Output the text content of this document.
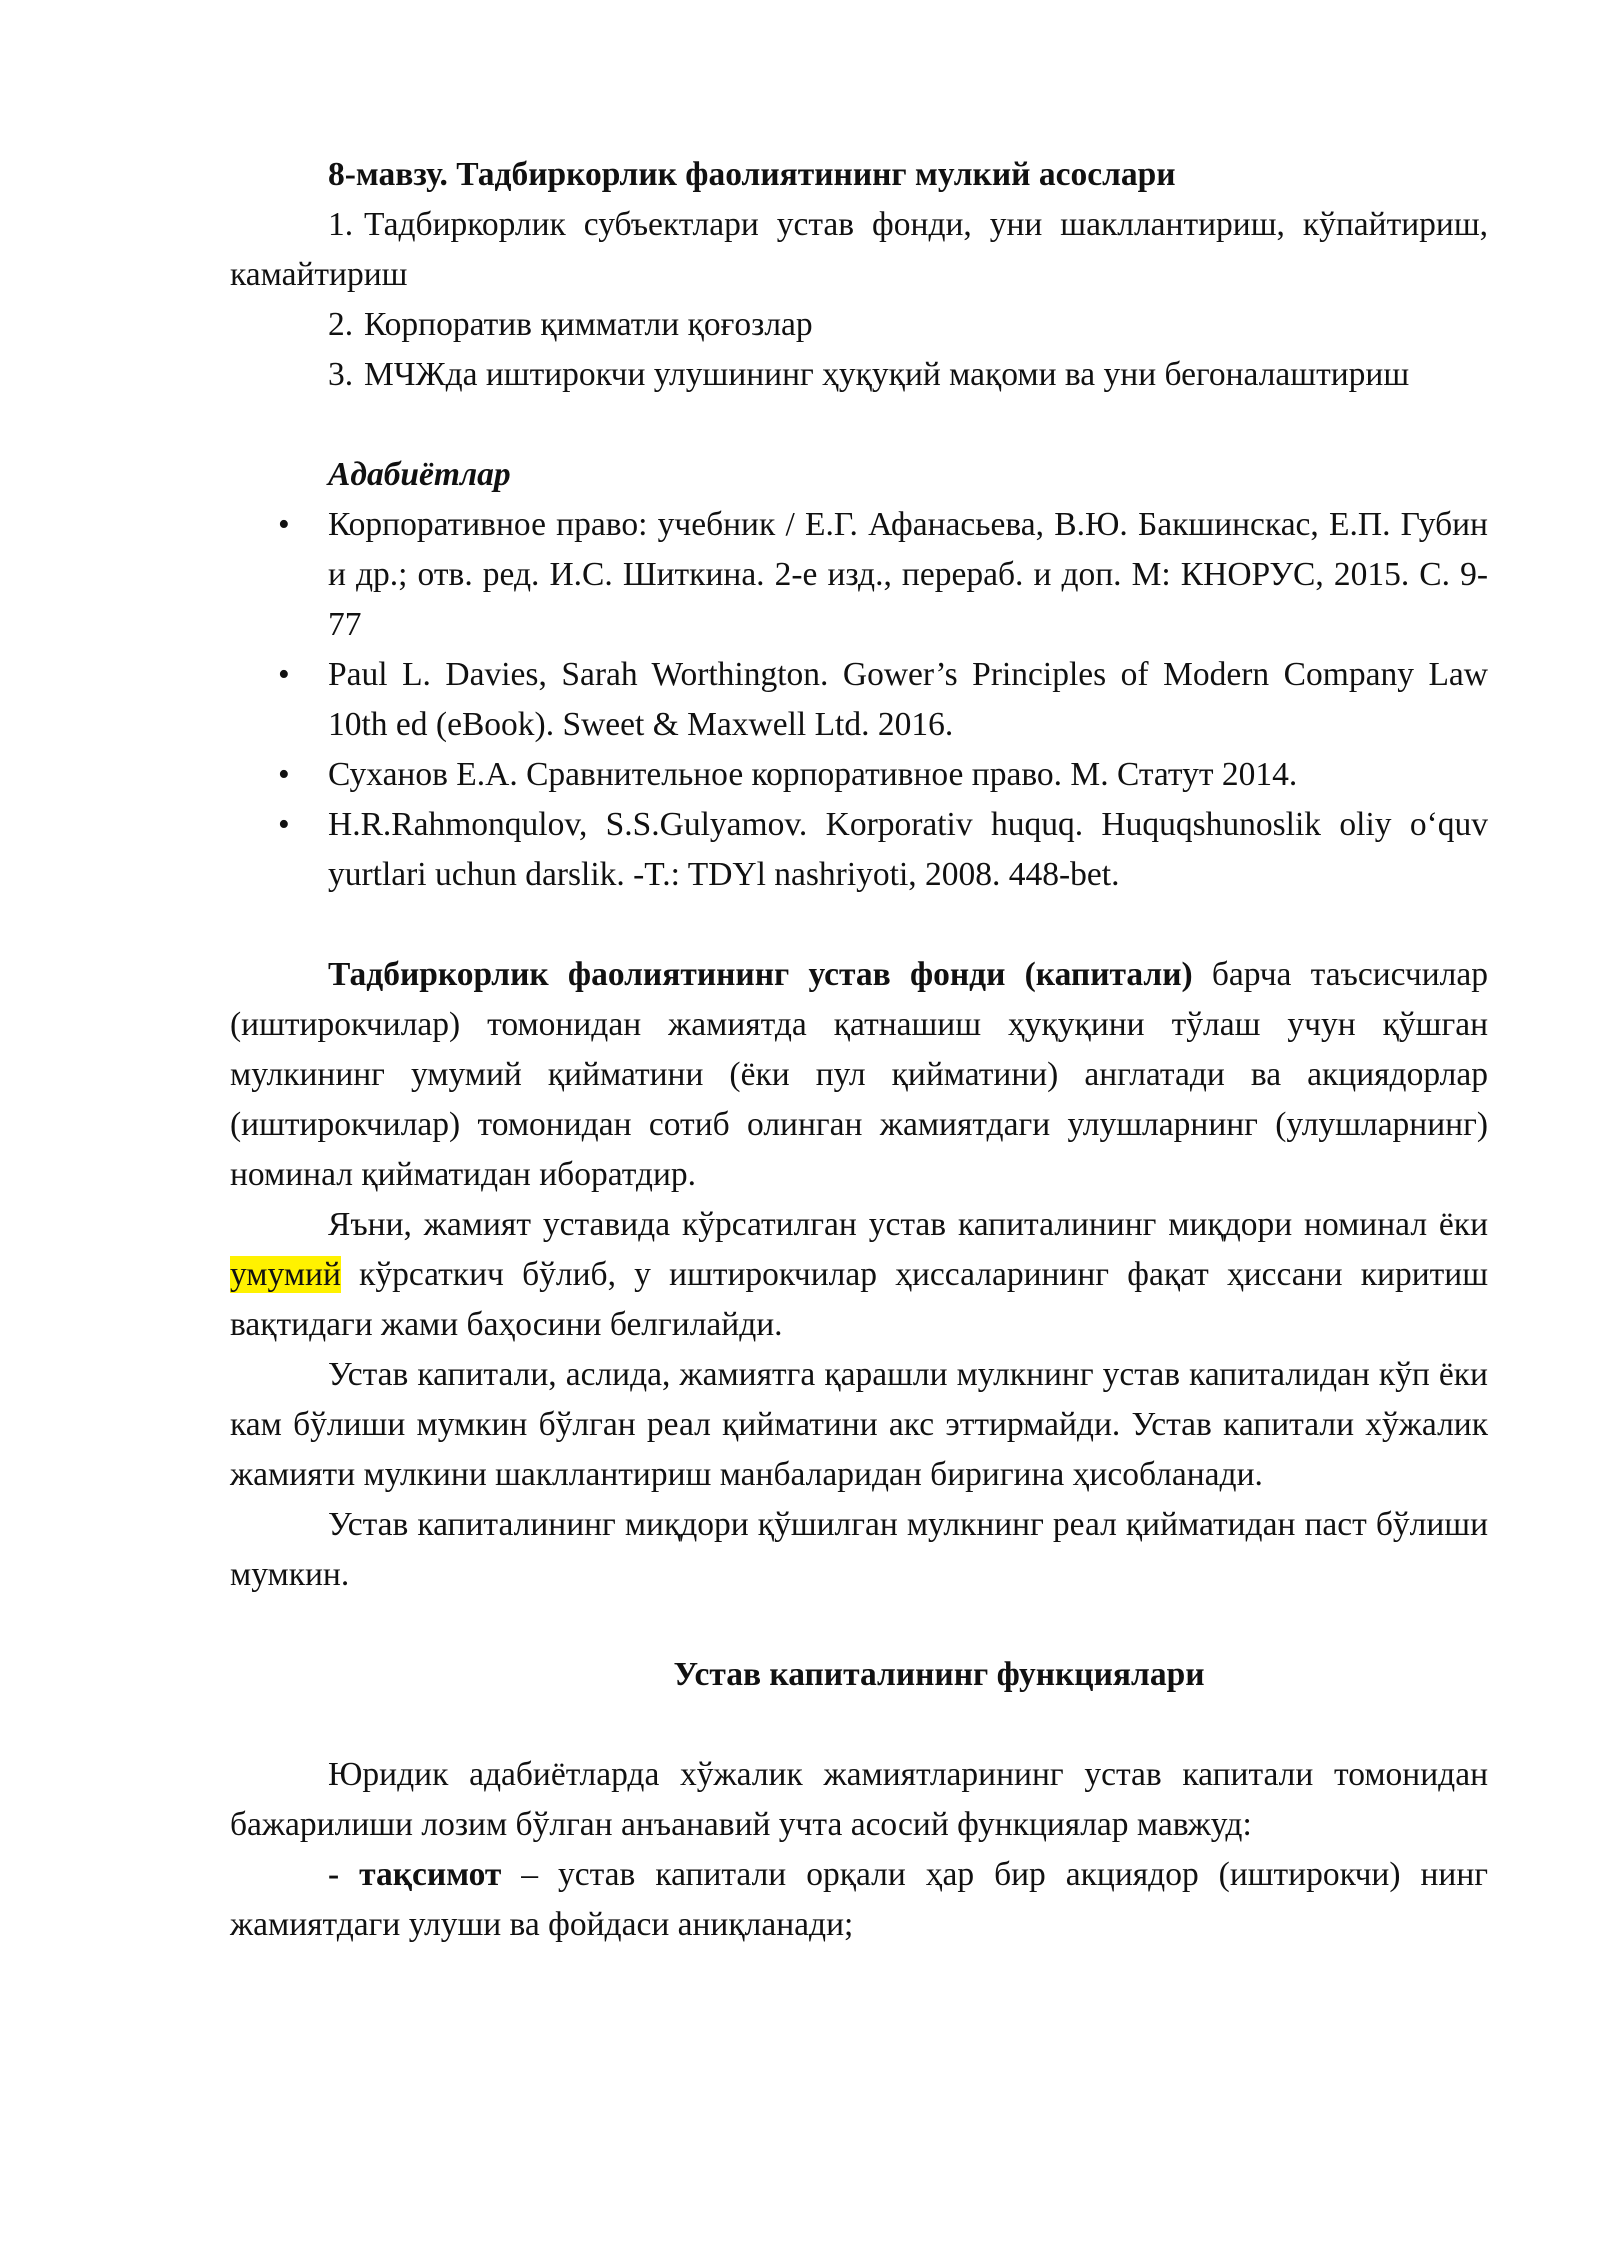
8-мавзу. Тадбиркорлик фаолиятининг мулкий асослари

1. Тадбиркорлик субъектлари устав фонди, уни шакллантириш, кўпайтириш, камайтириш

2. Корпоратив қимматли қоғозлар

3. МЧЖда иштирокчи улушининг ҳуқуқий мақоми ва уни бегоналаштириш

Адабиётлар

• Корпоративное право: учебник / Е.Г. Афанасьева, В.Ю. Бакшинскас, Е.П. Губин и др.; отв. ред. И.С. Шиткина. 2-е изд., перераб. и доп. М: КНОРУС, 2015. С. 9-77
• Paul L. Davies, Sarah Worthington. Gower’s Principles of Modern Company Law 10th ed (eBook). Sweet & Maxwell Ltd. 2016.
• Суханов Е.А. Сравнительное корпоративное право. М. Статут 2014.
• H.R.Rahmonqulov, S.S.Gulyamov. Korporativ huquq. Huquqshunoslik oliy oʻquv yurtlari uchun darslik. -T.: TDYl nashriyoti, 2008. 448-bet.

Тадбиркорлик фаолиятининг устав фонди (капитали) барча таъсисчилар (иштирокчилар) томонидан жамиятда қатнашиш ҳуқуқини тўлаш учун қўшган мулкининг умумий қийматини (ёки пул қийматини) англатади ва акциядорлар (иштирокчилар) томонидан сотиб олинган жамиятдаги улушларнинг (улушларнинг) номинал қийматидан иборатдир.

Яъни, жамият уставида кўрсатилган устав капиталининг миқдори номинал ёки умумий кўрсаткич бўлиб, у иштирокчилар ҳиссаларининг фақат ҳиссани киритиш вақтидаги жами баҳосини белгилайди.

Устав капитали, аслида, жамиятга қарашли мулкнинг устав капиталидан кўп ёки кам бўлиши мумкин бўлган реал қийматини акс эттирмайди. Устав капитали хўжалик жамияти мулкини шакллантириш манбаларидан биригина ҳисобланади.

Устав капиталининг миқдори қўшилган мулкнинг реал қийматидан паст бўлиши мумкин.

Устав капиталининг функциялари

Юридик адабиётларда хўжалик жамиятларининг устав капитали томонидан бажарилиши лозим бўлган анъанавий учта асосий функциялар мавжуд:

- тақсимот – устав капитали орқали ҳар бир акциядор (иштирокчи) нинг жамиятдаги улуши ва фойдаси аниқланади;
